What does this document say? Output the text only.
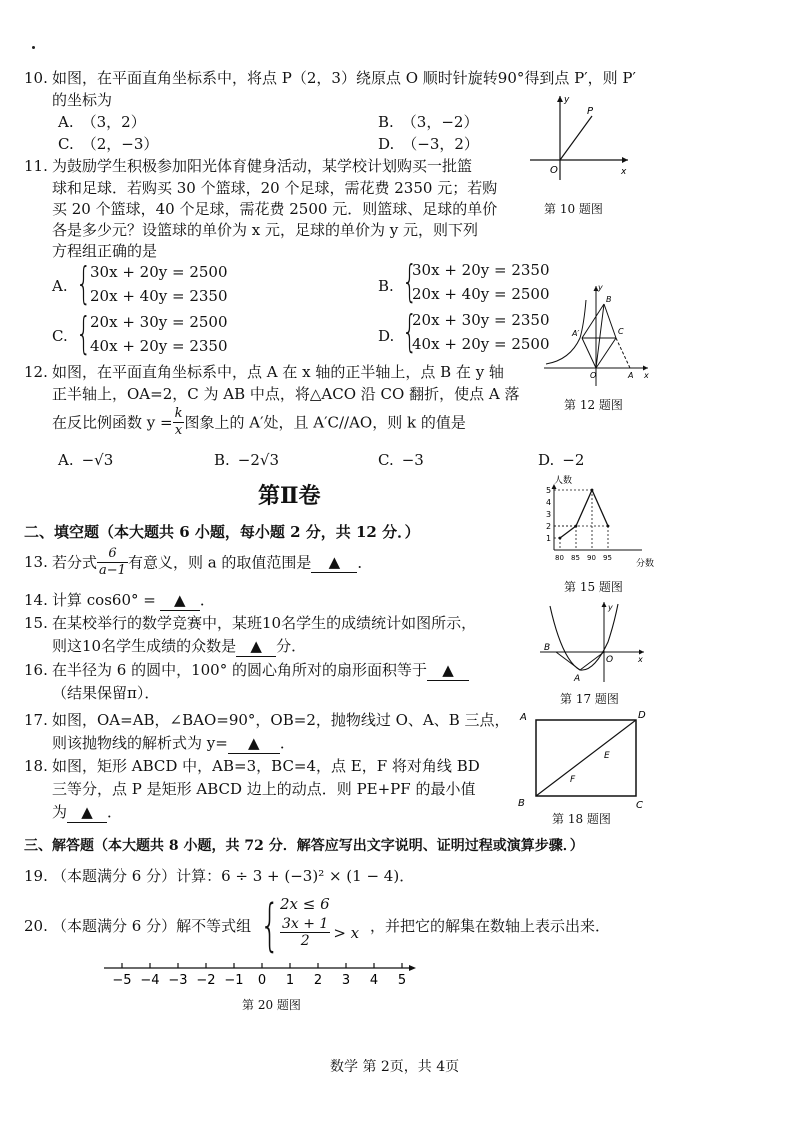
10. 如图，在平面直角坐标系中，将点 P（2，3）绕原点 O 顺时针旋转90°得到点 P′，则 P′
的坐标为
A. （3，2）	B. （3，−2）
C. （2，−3）	D. （−3，2）
y
x
O
P
第 10 题图
11. 为鼓励学生积极参加阳光体育健身活动，某学校计划购买一批篮
球和足球．若购买 30 个篮球，20 个足球，需花费 2350 元；若购
买 20 个篮球，40 个足球，需花费 2500 元．则篮球、足球的单价
各是多少元？设篮球的单价为 x 元，足球的单价为 y 元，则下列
方程组正确的是
A. {
30x + 20y = 2500
20x + 40y = 2350
B. {
30x + 20y = 2350
20x + 40y = 2500
C. {
20x + 30y = 2500
40x + 20y = 2350
D. {
20x + 30y = 2350
40x + 20y = 2500
y
B
C
A′
O	A x
第 12 题图
12. 如图，在平面直角坐标系中，点 A 在 x 轴的正半轴上，点 B 在 y 轴
正半轴上，OA=2，C 为 AB 中点，将△ACO 沿 CO 翻折，使点 A 落
在反比例函数 $y = \frac{k}{x}$ 图象上的 A′处，且 A′C//AO，则 k 的值是
A. −√3	B. −2√3	C. −3	D. −2
第Ⅱ卷
二、填空题（本大题共 6 小题，每小题 2 分，共 12 分．）
人数
分数
1
2
3
4
5
80 85 90 95
第 15 题图
13. 若分式 $\frac{6}{a-1}$ 有意义，则 a 的取值范围是 ▲ ．
14. 计算 cos60° = ▲ ．
15. 在某校举行的数学竞赛中，某班10名学生的成绩统计如图所示，
则这10名学生成绩的众数是 ▲ 分．
y
B
A
O	x
第 17 题图
16. 在半径为 6 的圆中，100° 的圆心角所对的扇形面积等于 ▲
（结果保留π）．
17. 如图，OA=AB，∠BAO=90°，OB=2，抛物线过 O、A、B 三点，
则该抛物线的解析式为 y= ▲ ．
A	D
B	C
E
F
第 18 题图
18. 如图，矩形 ABCD 中，AB=3，BC=4，点 E，F 将对角线 BD
三等分，点 P 是矩形 ABCD 边上的动点．则 PE+PF 的最小值
为 ▲ ．
三、解答题（本大题共 8 小题，共 72 分．解答应写出文字说明、证明过程或演算步骤．）
19. （本题满分 6 分）计算：6 ÷ 3 + (−3)² × (1 − 4)．
20. （本题满分 6 分）解不等式组 { 2x ≤ 6
$\frac{3x + 1}{2} > x$ ，并把它的解集在数轴上表示出来．
−5 −4 −3 −2 −1 0 1 2 3 4 5
第 20 题图
数学 第 2页，共 4页
